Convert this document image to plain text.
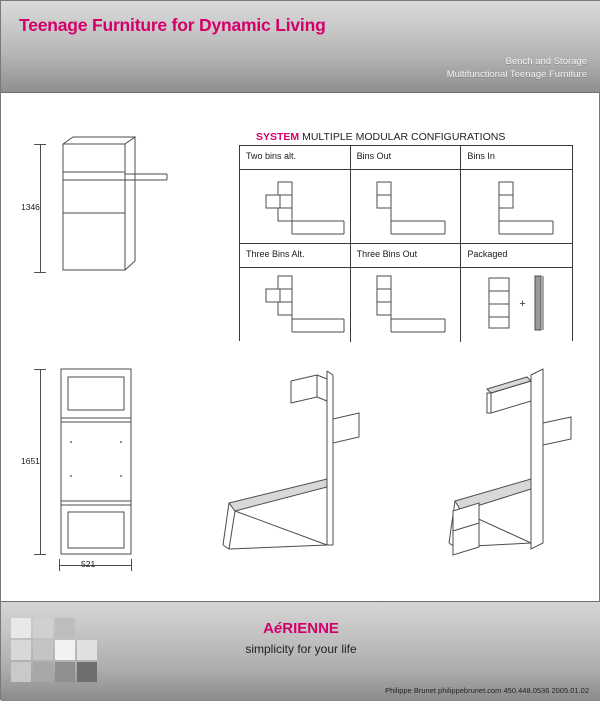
Teenage Furniture for Dynamic Living
Bench and Storage
Multifunctional Teenage Furniture
1346
SYSTEM MULTIPLE MODULAR CONFIGURATIONS
Two bins alt.	Bins Out	Bins In
Three Bins Alt.	Three Bins Out	Packaged
+
1651
521
AéRIENNE
simplicity for your life
Philippe Brunet philippebrunet.com 450.448.0536 2005.01.02
